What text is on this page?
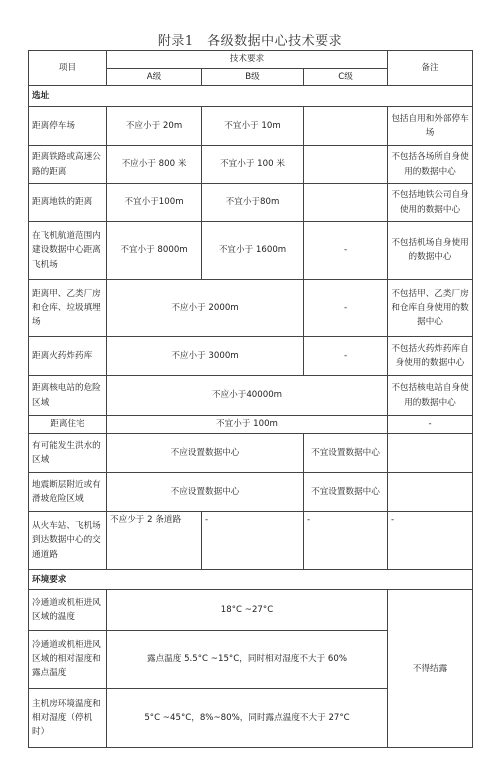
附录1　各级数据中心技术要求
项目	技术要求			备注
	A级	B级	C级	
选址				
距离停车场	不应小于 20m	不宜小于 10m		包括自用和外部停车场
距离铁路或高速公路的距离	不应小于 800 米	不宜小于 100 米		不包括各场所自身使用的数据中心
距离地铁的距离	不宜小于100m	不宜小于80m		不包括地铁公司自身使用的数据中心
在飞机航道范围内建设数据中心距离飞机场	不宜小于 8000m	不宜小于 1600m	-	不包括机场自身使用的数据中心
距离甲、乙类厂房和仓库、垃圾填埋场	不应小于 2000m		-	不包括甲、乙类厂房和仓库自身使用的数据中心
距离火药炸药库	不应小于 3000m		-	不包括火药炸药库自身使用的数据中心
距离核电站的危险区域	不应小于40000m			不包括核电站自身使用的数据中心
距离住宅	不宜小于 100m			-
有可能发生洪水的区域	不应设置数据中心		不宜设置数据中心	
地震断层附近或有滑坡危险区域	不应设置数据中心		不宜设置数据中心	
从火车站、飞机场到达数据中心的交通道路	不应少于 2 条道路	-	-	-
环境要求				
冷通道或机柜进风区域的温度	18°C ~27°C			不得结露
冷通道或机柜进风区域的相对湿度和露点温度	露点温度 5.5°C ~15°C，同时相对湿度不大于 60%			
主机房环境温度和相对湿度（停机时）	5°C ~45°C，8%~80%，同时露点温度不大于 27°C			
